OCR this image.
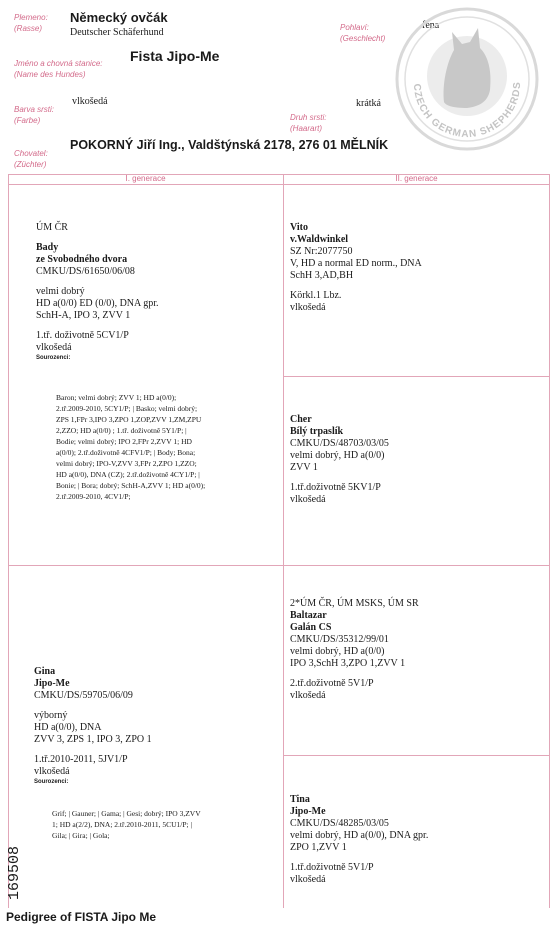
Plemeno:
(Rasse)
Německý ovčák
Deutscher Schäferhund	Pohlaví:
(Geschlecht)
fena
Jméno a chovná stanice:
(Name des Hundes)
Fista Jipo-Me
Barva srsti:
(Farbe)
vlkošedá
Druh srsti:
(Haarart)
krátká
Chovatel:
(Züchter)
POKORNÝ Jiří Ing., Valdštýnská 2178, 276 01 MĚLNÍK
CZECH GERMAN SHEPHERDS
I. generace	II. generace
ÚM ČR
Bady
ze Svobodného dvora
CMKU/DS/61650/06/08
velmi dobrý
HD a(0/0) ED (0/0), DNA gpr.
SchH-A, IPO 3, ZVV 1
1.tř. doživotně 5CV1/P
vlkošedá
Sourozenci:
Baron; velmi dobrý; ZVV 1; HD a(0/0);
2.tř.2009-2010, 5CY1/P; | Basko; velmi dobrý;
ZPS 1,FPr 3,IPO 3,ZPO 1,ZOP,ZVV 1,ZM,ZPU
2,ZZO; HD a(0/0) ; 1.tř. doživotně 5Y1/P; |
Bodie; velmi dobrý; IPO 2,FPr 2,ZVV 1; HD
a(0/0); 2.tř.doživotně 4CFV1/P; | Body; Bona;
velmi dobrý; IPO-V,ZVV 3,FPr 2,ZPO 1,ZZO;
HD a(0/0), DNA (CZ); 2.tř.doživotně 4CY1/P; |
Bonie; | Bora; dobrý; SchH-A,ZVV 1; HD a(0/0);
2.tř.2009-2010, 4CV1/P;
Vito
v.Waldwinkel
SZ Nr:2077750
V, HD a normal ED norm., DNA
SchH 3,AD,BH
Körkl.1 Lbz.
vlkošedá
Cher
Bílý trpaslík
CMKU/DS/48703/03/05
velmi dobrý, HD a(0/0)
ZVV 1
1.tř.doživotně 5KV1/P
vlkošedá
Gina
Jipo-Me
CMKU/DS/59705/06/09
výborný
HD a(0/0), DNA
ZVV 3, ZPS 1, IPO 3, ZPO 1
1.tř.2010-2011, 5JV1/P
vlkošedá
Sourozenci:
Grif; | Gauner; | Gama; | Gesi; dobrý; IPO 3,ZVV
1; HD a(2/2), DNA; 2.tř.2010-2011, 5CU1/P; |
Gila; | Gira; | Gola;
2*ÚM ČR, ÚM MSKS, ÚM SR
Baltazar
Galán CS
CMKU/DS/35312/99/01
velmi dobrý, HD a(0/0)
IPO 3,SchH 3,ZPO 1,ZVV 1
2.tř.doživotně 5V1/P
vlkošedá
Tina
Jipo-Me
CMKU/DS/48285/03/05
velmi dobrý, HD a(0/0), DNA gpr.
ZPO 1,ZVV 1
1.tř.doživotně 5V1/P
vlkošedá
169508
Pedigree of FISTA Jipo Me
